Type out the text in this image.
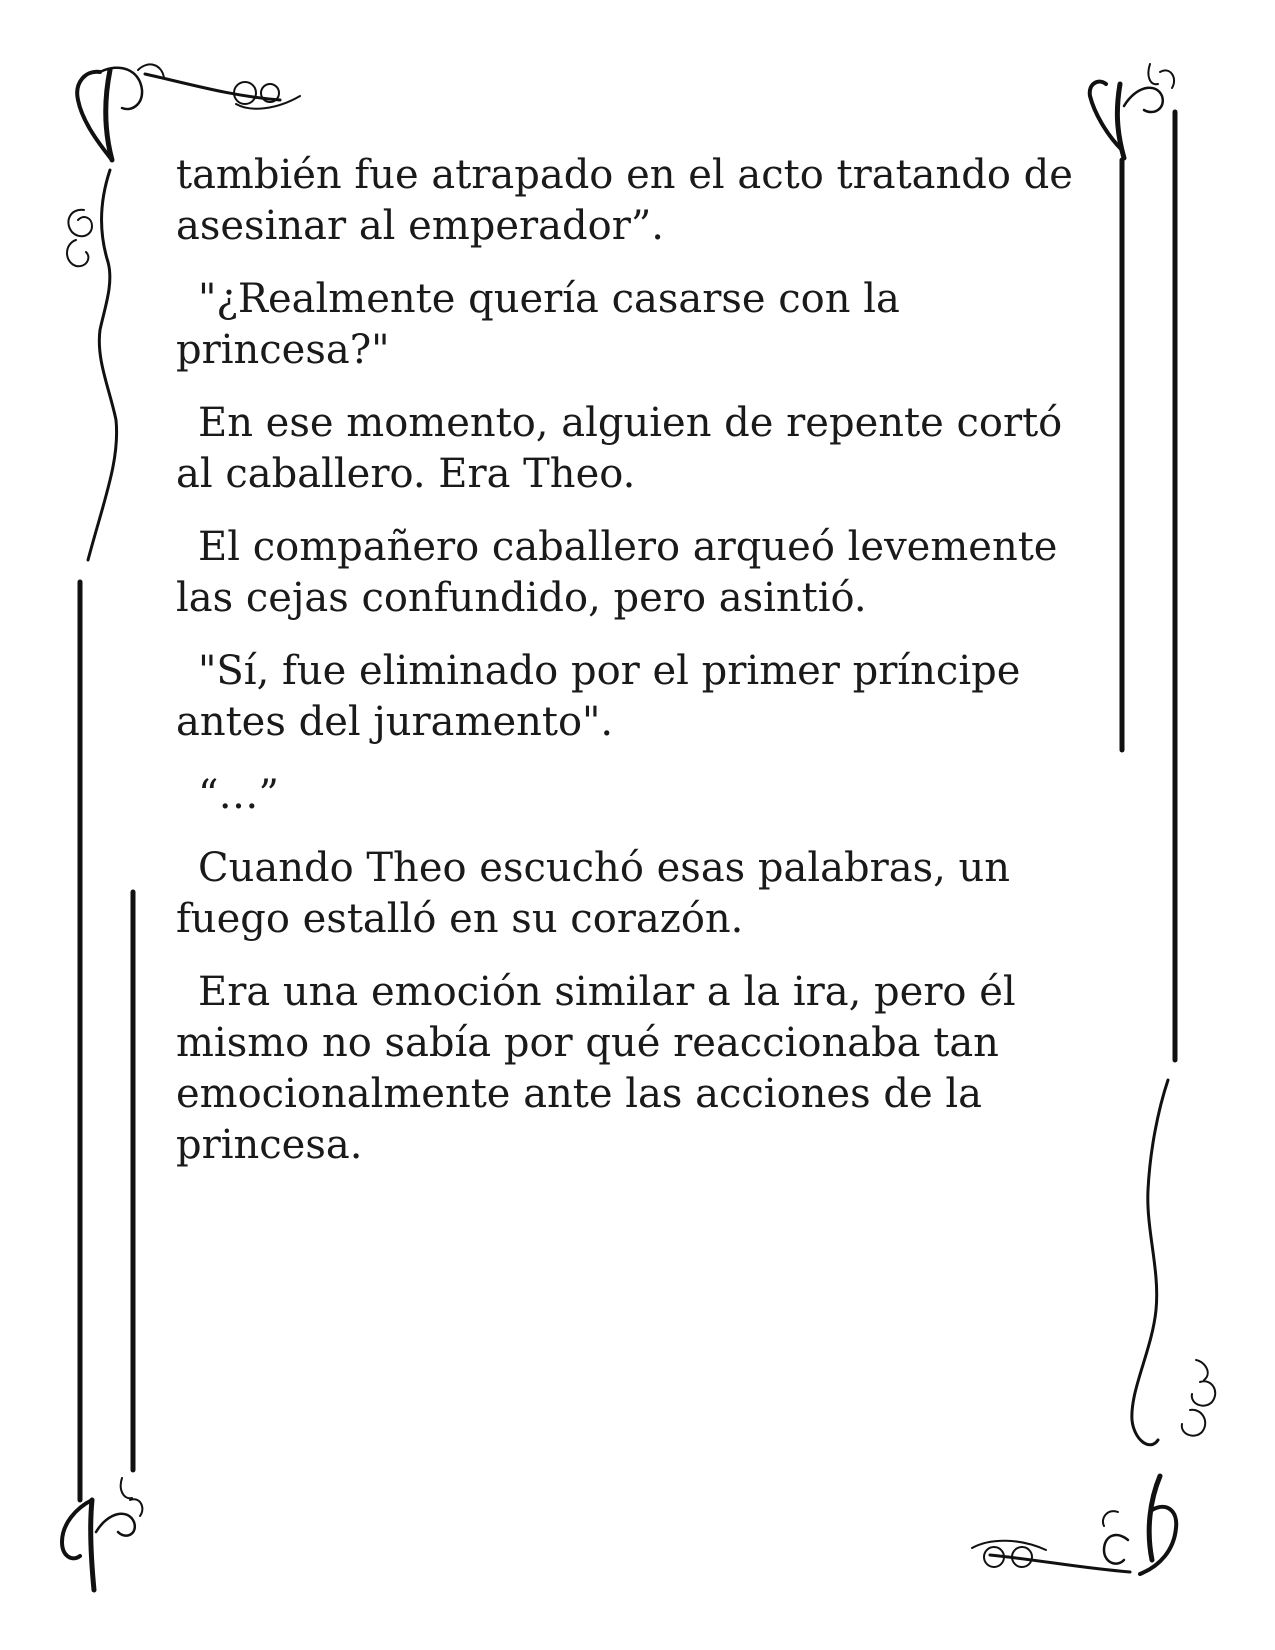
también fue atrapado en el acto tratando de asesinar al emperador”.

"¿Realmente quería casarse con la princesa?"

En ese momento, alguien de repente cortó al caballero. Era Theo.

El compañero caballero arqueó levemente las cejas confundido, pero asintió.

"Sí, fue eliminado por el primer príncipe antes del juramento".

“…”

Cuando Theo escuchó esas palabras, un fuego estalló en su corazón.

Era una emoción similar a la ira, pero él mismo no sabía por qué reaccionaba tan emocionalmente ante las acciones de la princesa.
